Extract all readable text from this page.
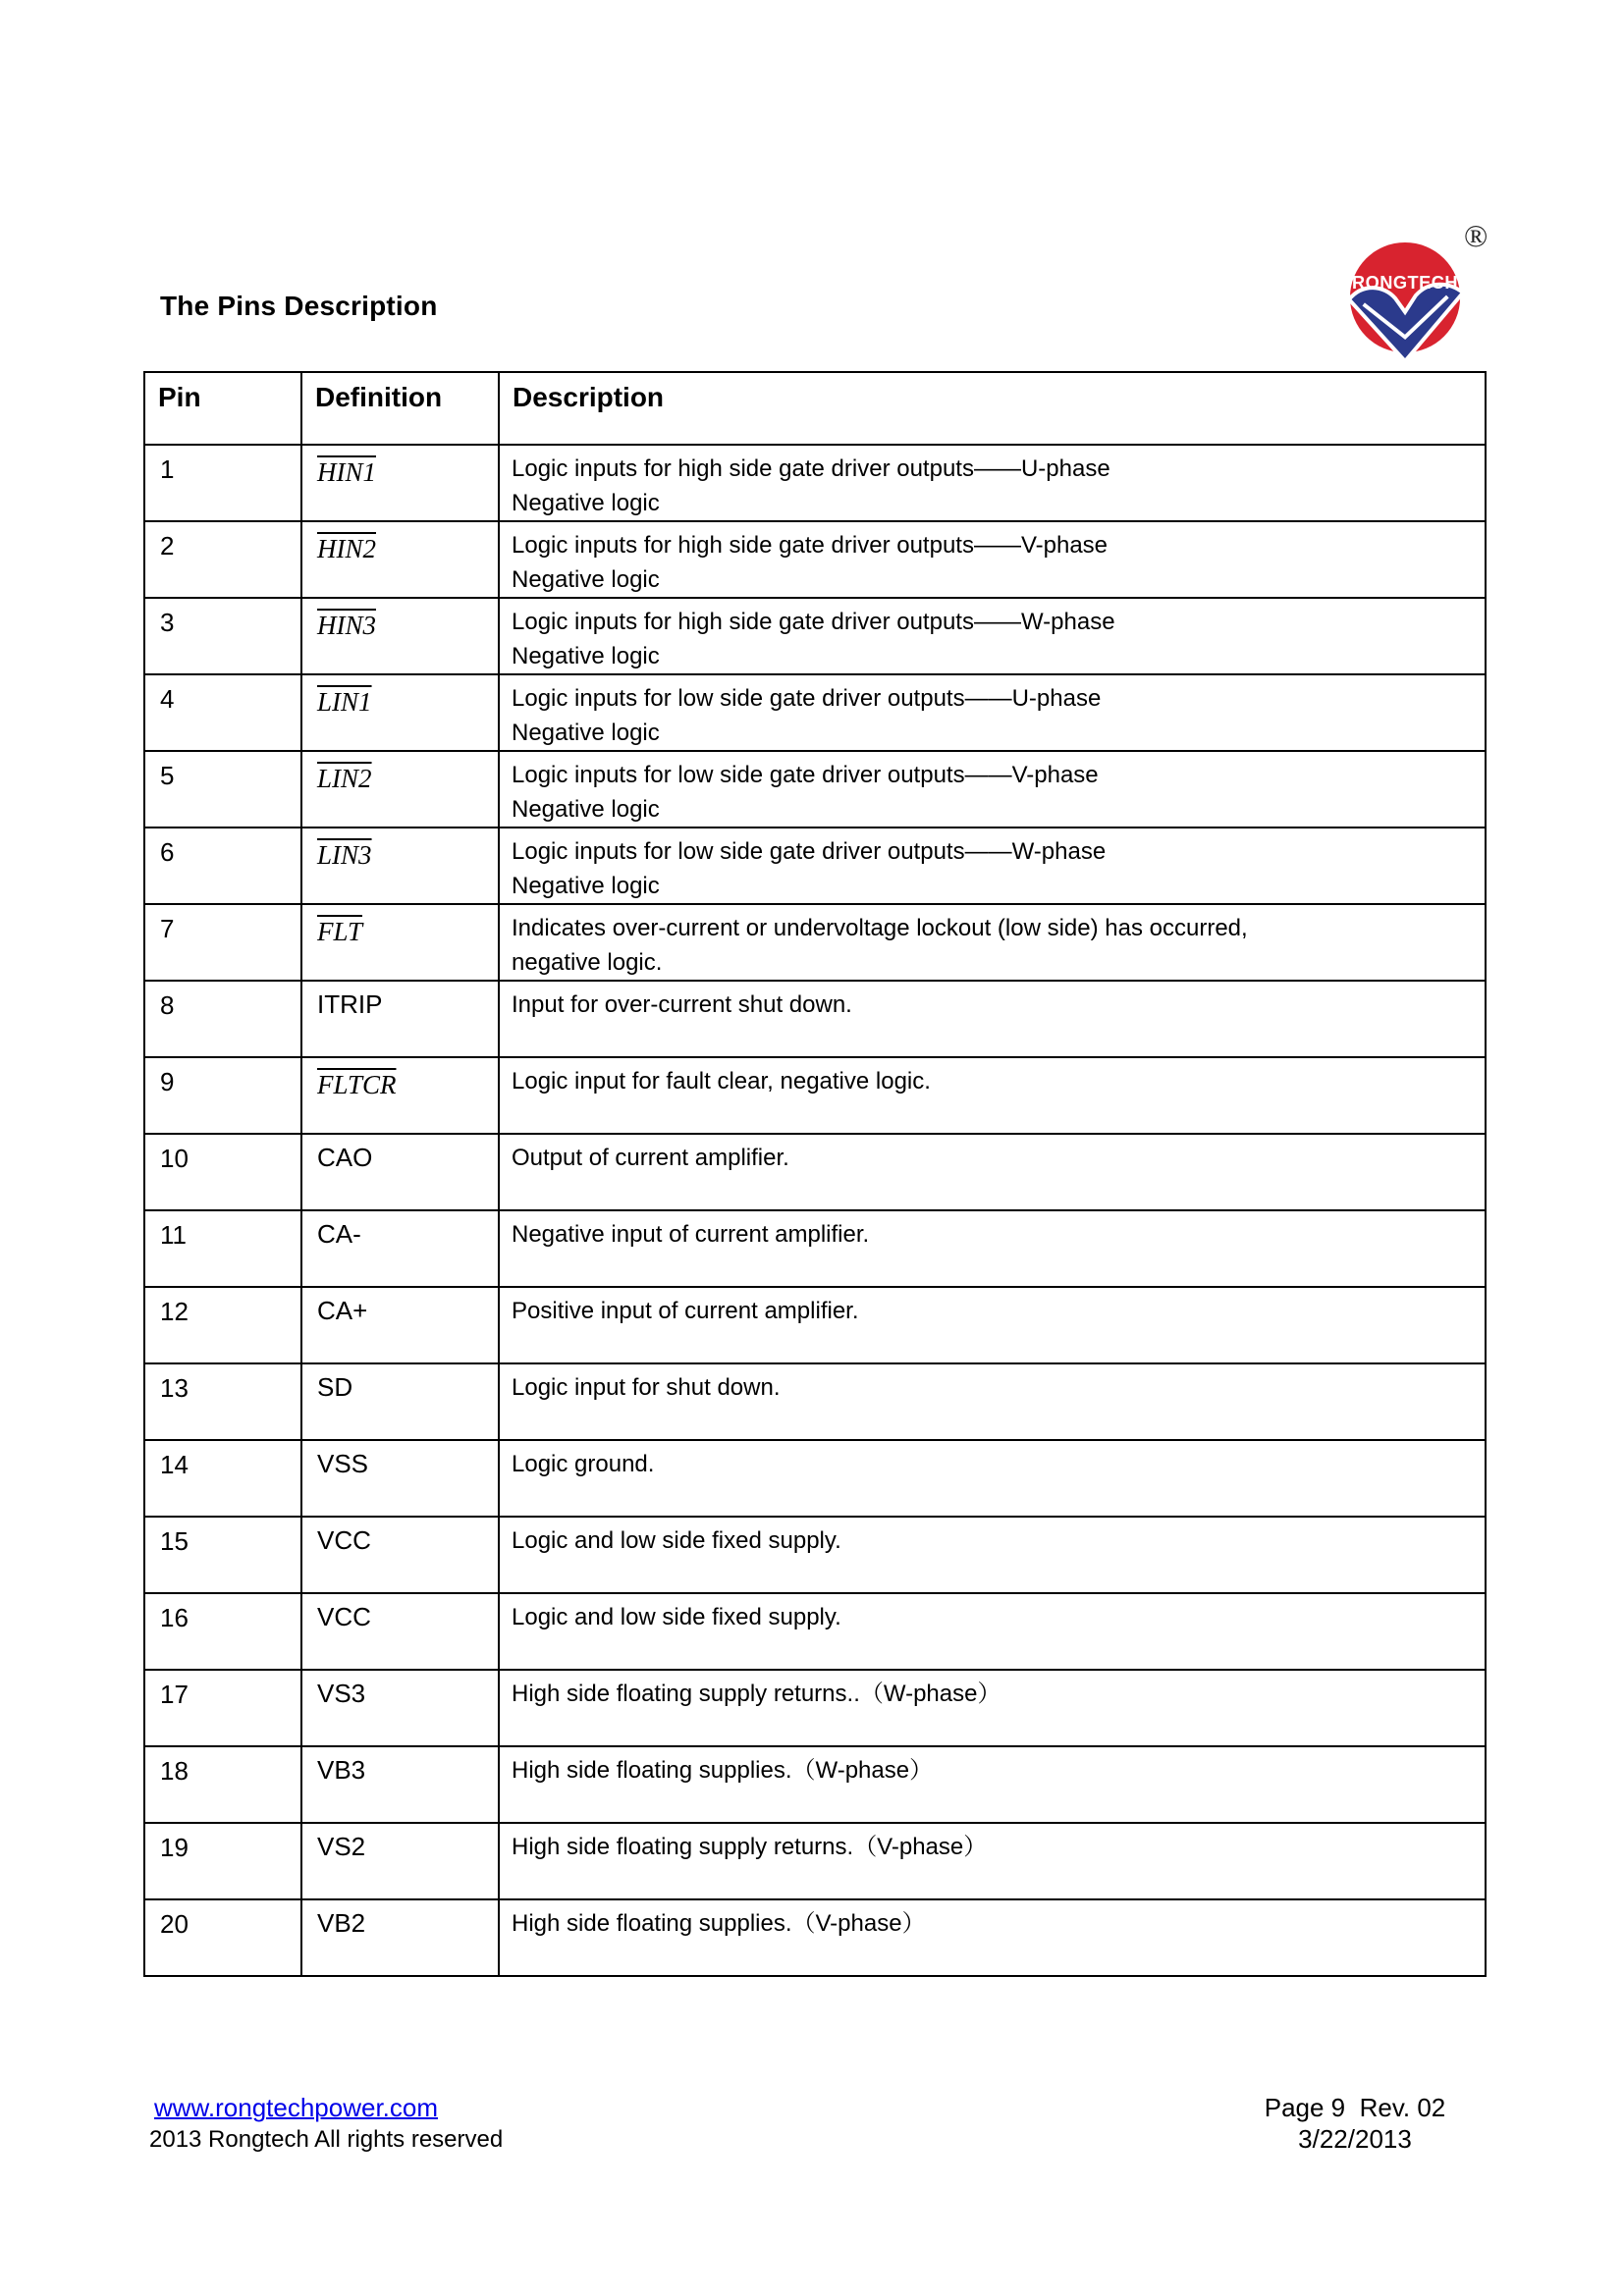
The Pins Description
RONGTECH
®
Pin	Definition	Description
1	HIN1	Logic inputs for high side gate driver outputs——U-phase
Negative logic

2	HIN2	Logic inputs for high side gate driver outputs——V-phase
Negative logic

3	HIN3	Logic inputs for high side gate driver outputs——W-phase
Negative logic

4	LIN1	Logic inputs for low side gate driver outputs——U-phase
Negative logic

5	LIN2	Logic inputs for low side gate driver outputs——V-phase
Negative logic

6	LIN3	Logic inputs for low side gate driver outputs——W-phase
Negative logic

7	$\overline{FLT}$	Indicates over-current or undervoltage lockout (low side) has occurred,
negative logic.

8	ITRIP	Input for over-current shut down.

9	FLTCR	Logic input for fault clear, negative logic.

10	CAO	Output of current amplifier.

11	CA-	Negative input of current amplifier.

12	CA+	Positive input of current amplifier.

13	SD	Logic input for shut down.

14	VSS	Logic ground.

15	VCC	Logic and low side fixed supply.

16	VCC	Logic and low side fixed supply.

17	VS3	High side floating supply returns..（W-phase）

18	VB3	High side floating supplies.（W-phase）

19	VS2	High side floating supply returns.（V-phase）

20	VB2	High side floating supplies.（V-phase）
www.rongtechpower.com
2013 Rongtech All rights reserved
Page 9  Rev. 02
3/22/2013
